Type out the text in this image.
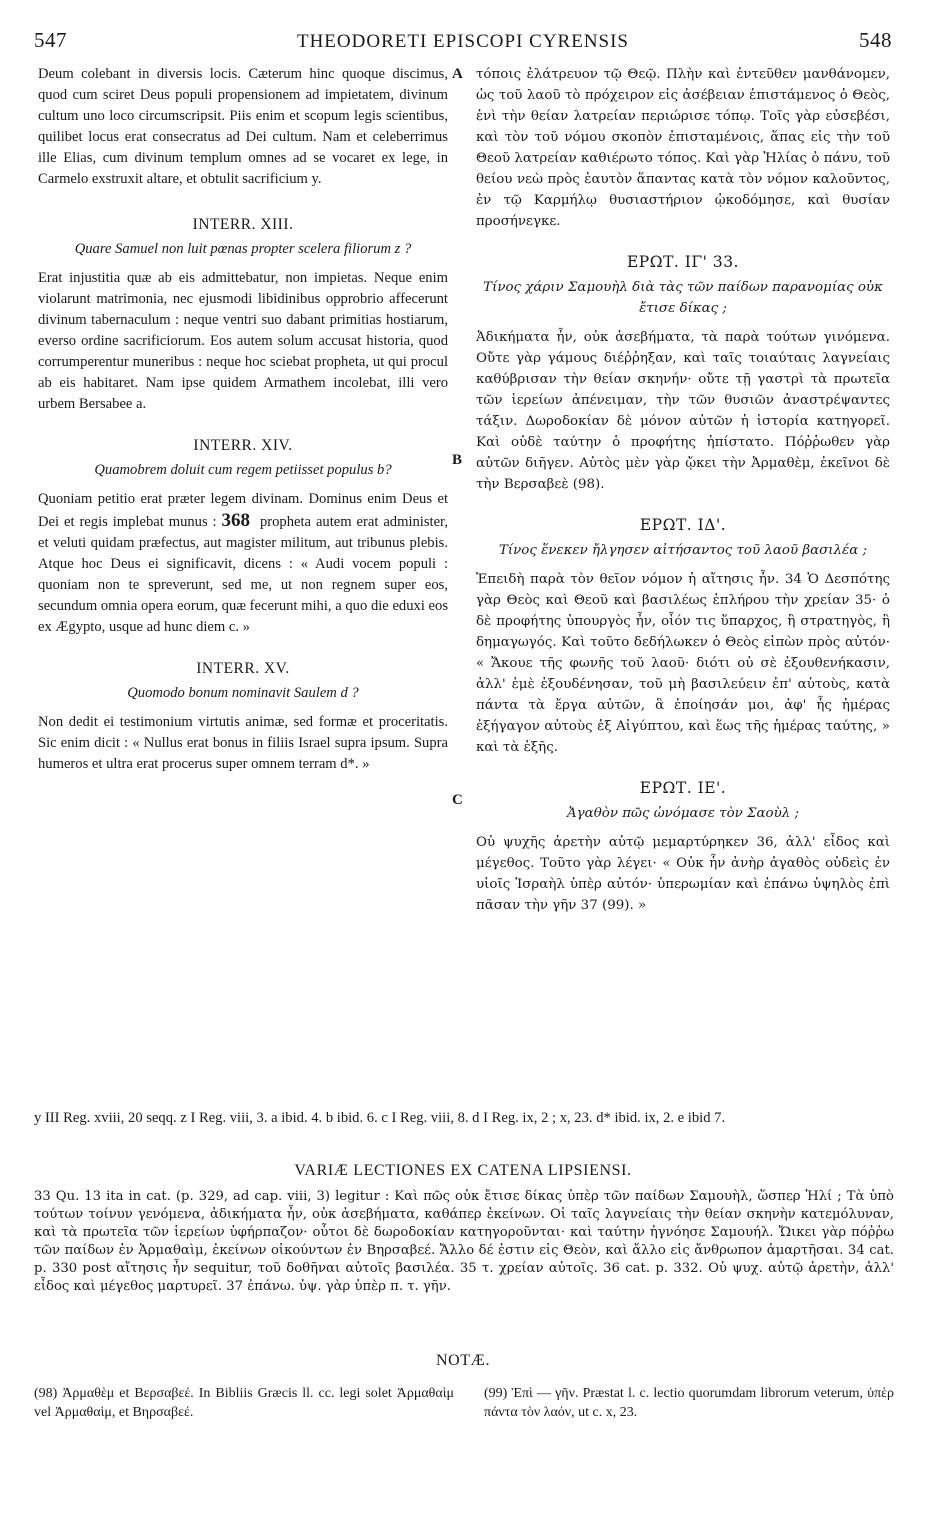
547	THEODORETI EPISCOPI CYRENSIS	548

Deum colebant in diversis locis. Cæterum hinc quoque discimus, quod cum sciret Deus populi propensionem ad impietatem, divinum cultum uno loco circumscripsit. Piis enim et scopum legis scientibus, quilibet locus erat consecratus ad Dei cultum. Nam et celeberrimus ille Elias, cum divinum templum omnes ad se vocaret ex lege, in Carmelo exstruxit altare, et obtulit sacrificium y.

INTERR. XIII.

Quare Samuel non luit pœnas propter scelera filiorum z ?

Erat injustitia quæ ab eis admittebatur, non impietas. Neque enim violarunt matrimonia, nec ejusmodi libidinibus opprobrio affecerunt divinum tabernaculum : neque ventri suo dabant primitias hostiarum, everso ordine sacrificiorum. Eos autem solum accusat historia, quod corrumperentur muneribus : neque hoc sciebat propheta, ut qui procul ab eis habitaret. Nam ipse quidem Armathem incolebat, illi vero urbem Bersabee a.

INTERR. XIV.

Quamobrem doluit cum regem petiisset populus b?

Quoniam petitio erat præter legem divinam. Dominus enim Deus et Dei et regis implebat munus : 368 propheta autem erat administer, et veluti quidam præfectus, aut magister militum, aut tribunus plebis. Atque hoc Deus ei significavit, dicens : « Audi vocem populi : quoniam non te spreverunt, sed me, ut non regnem super eos, secundum omnia opera eorum, quæ fecerunt mihi, a quo die eduxi eos ex Ægypto, usque ad hunc diem c. »

INTERR. XV.

Quomodo bonum nominavit Saulem d ?

Non dedit ei testimonium virtutis animæ, sed formæ et proceritatis. Sic enim dicit : « Nullus erat bonus in filiis Israel supra ipsum. Supra humeros et ultra erat procerus super omnem terram d*. »

A
B
C

τόποις ἐλάτρευον τῷ Θεῷ. Πλὴν καὶ ἐντεῦθεν μανθάνομεν, ὡς τοῦ λαοῦ τὸ πρόχειρον εἰς ἀσέβειαν ἐπιστάμενος ὁ Θεὸς, ἑνὶ τὴν θείαν λατρείαν περιώρισε τόπῳ. Τοῖς γὰρ εὐσεβέσι, καὶ τὸν τοῦ νόμου σκοπὸν ἐπισταμένοις, ἅπας εἰς τὴν τοῦ Θεοῦ λατρείαν καθιέρωτο τόπος. Καὶ γὰρ Ἠλίας ὁ πάνυ, τοῦ θείου νεὼ πρὸς ἑαυτὸν ἅπαντας κατὰ τὸν νόμον καλοῦντος, ἐν τῷ Καρμήλῳ θυσιαστήριον ᾠκοδόμησε, καὶ θυσίαν προσήνεγκε.

ΕΡΩΤ. ΙΓ' 33.

Τίνος χάριν Σαμουὴλ διὰ τὰς τῶν παίδων παρανομίας οὐκ ἔτισε δίκας ;

Ἀδικήματα ἦν, οὐκ ἀσεβήματα, τὰ παρὰ τούτων γινόμενα. Οὔτε γὰρ γάμους διέῤῥηξαν, καὶ ταῖς τοιαύταις λαγνείαις καθύβρισαν τὴν θείαν σκηνήν· οὔτε τῇ γαστρὶ τὰ πρωτεῖα τῶν ἱερείων ἀπένειμαν, τὴν τῶν θυσιῶν ἀναστρέψαντες τάξιν. Δωροδοκίαν δὲ μόνον αὐτῶν ἡ ἱστορία κατηγορεῖ. Καὶ οὐδὲ ταύτην ὁ προφήτης ἠπίστατο. Πόῤῥωθεν γὰρ αὐτῶν διῆγεν. Αὐτὸς μὲν γὰρ ᾤκει τὴν Ἀρμαθὲμ, ἐκεῖνοι δὲ τὴν Βερσαβεὲ (98).

ΕΡΩΤ. ΙΔ'.

Τίνος ἕνεκεν ἤλγησεν αἰτήσαντος τοῦ λαοῦ βασιλέα ;

Ἐπειδὴ παρὰ τὸν θεῖον νόμον ἡ αἴτησις ἦν. 34 Ὁ Δεσπότης γὰρ Θεὸς καὶ Θεοῦ καὶ βασιλέως ἐπλήρου τὴν χρείαν 35· ὁ δὲ προφήτης ὑπουργὸς ἦν, οἷόν τις ὕπαρχος, ἢ στρατηγὸς, ἢ δημαγωγός. Καὶ τοῦτο δεδήλωκεν ὁ Θεὸς εἰπὼν πρὸς αὐτόν· « Ἄκουε τῆς φωνῆς τοῦ λαοῦ· διότι οὐ σὲ ἐξουθενήκασιν, ἀλλ' ἐμὲ ἐξουδένησαν, τοῦ μὴ βασιλεύειν ἐπ' αὐτοὺς, κατὰ πάντα τὰ ἔργα αὐτῶν, ἃ ἐποίησάν μοι, ἀφ' ἧς ἡμέρας ἐξήγαγον αὐτοὺς ἐξ Αἰγύπτου, καὶ ἕως τῆς ἡμέρας ταύτης, » καὶ τὰ ἑξῆς.

ΕΡΩΤ. ΙΕ'.

Ἀγαθὸν πῶς ὠνόμασε τὸν Σαοὺλ ;

Οὐ ψυχῆς ἀρετὴν αὐτῷ μεμαρτύρηκεν 36, ἀλλ' εἶδος καὶ μέγεθος. Τοῦτο γὰρ λέγει· « Οὐκ ἦν ἀνὴρ ἀγαθὸς οὐδεὶς ἐν υἱοῖς Ἰσραὴλ ὑπὲρ αὐτόν· ὑπερωμίαν καὶ ἐπάνω ὑψηλὸς ἐπὶ πᾶσαν τὴν γῆν 37 (99). »

y III Reg. xviii, 20 seqq. z I Reg. viii, 3. a ibid. 4. b ibid. 6. c I Reg. viii, 8. d I Reg. ix, 2 ; x, 23. d* ibid. ix, 2. e ibid 7.
VARIÆ LECTIONES EX CATENA LIPSIENSI.
33 Qu. 13 ita in cat. (p. 329, ad cap. viii, 3) legitur : Καὶ πῶς οὐκ ἔτισε δίκας ὑπὲρ τῶν παίδων Σαμουὴλ, ὥσπερ Ἠλί ; Τὰ ὑπὸ τούτων τοίνυν γενόμενα, ἀδικήματα ἦν, οὐκ ἀσεβήματα, καθάπερ ἐκείνων. Οἱ ταῖς λαγνείαις τὴν θείαν σκηνὴν κατεμόλυναν, καὶ τὰ πρωτεῖα τῶν ἱερείων ὑφήρπαζον· οὗτοι δὲ δωροδοκίαν κατηγοροῦνται· καὶ ταύτην ἠγνόησε Σαμουήλ. Ὤικει γὰρ πόῤῥω τῶν παίδων ἐν Ἀρμαθαὶμ, ἐκείνων οἰκούντων ἐν Βηρσαβεέ. Ἄλλο δέ ἐστιν εἰς Θεὸν, καὶ ἄλλο εἰς ἄνθρωπον ἁμαρτῆσαι. 34 cat. p. 330 post αἴτησις ἦν sequitur, τοῦ δοθῆναι αὐτοῖς βασιλέα. 35 τ. χρείαν αὐτοῖς. 36 cat. p. 332. Οὐ ψυχ. αὐτῷ ἀρετὴν, ἀλλ' εἶδος καὶ μέγεθος μαρτυρεῖ. 37 ἐπάνω. ὑψ. γὰρ ὑπὲρ π. τ. γῆν.
NOTÆ.
(98) Ἀρμαθὲμ et Βερσαβεέ. In Bibliis Græcis ll. cc. legi solet Ἀρμαθαὶμ vel Ἀρμαθαὶμ, et Βηρσαβεέ.
(99) Ἐπὶ — γῆν. Præstat l. c. lectio quorumdam librorum veterum, ὑπὲρ πάντα τὸν λαόν, ut c. x, 23.
